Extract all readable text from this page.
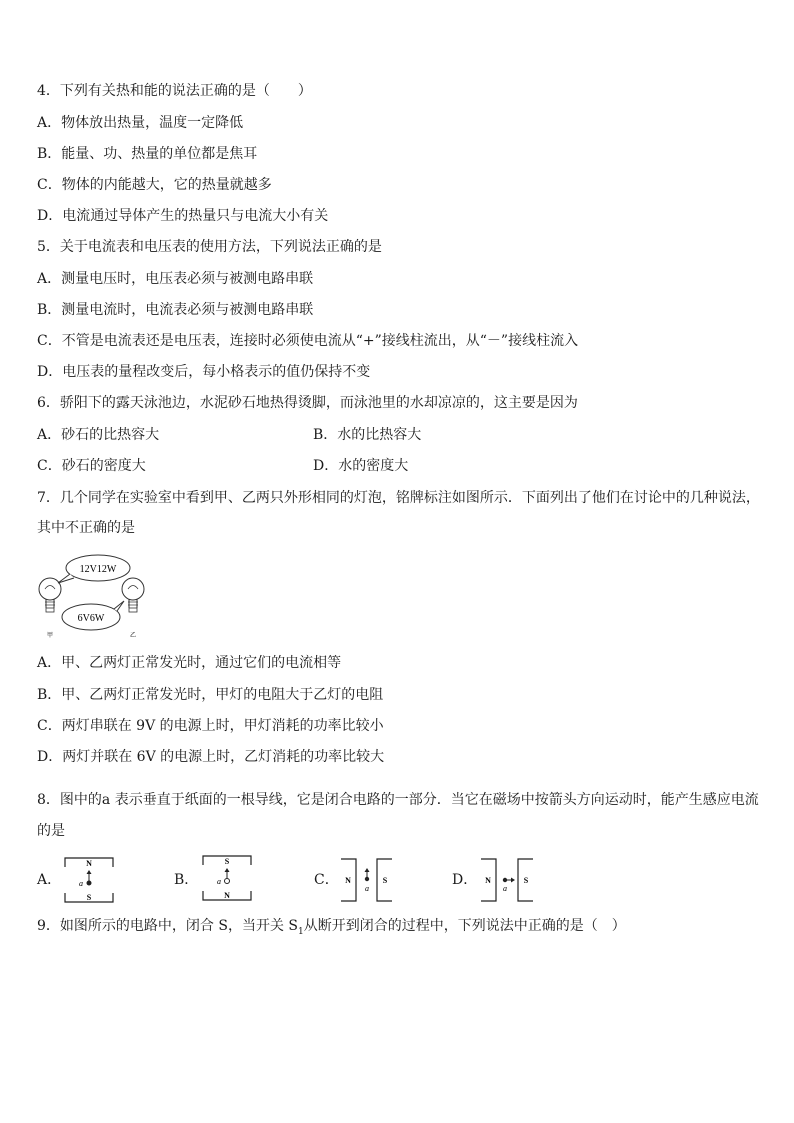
4．下列有关热和能的说法正确的是（　　）
A．物体放出热量，温度一定降低
B．能量、功、热量的单位都是焦耳
C．物体的内能越大，它的热量就越多
D．电流通过导体产生的热量只与电流大小有关
5．关于电流表和电压表的使用方法，下列说法正确的是
A．测量电压时，电压表必须与被测电路串联
B．测量电流时，电流表必须与被测电路串联
C．不管是电流表还是电压表，连接时必须使电流从“+”接线柱流出，从“－”接线柱流入
D．电压表的量程改变后，每小格表示的值仍保持不变
6．骄阳下的露天泳池边，水泥砂石地热得烫脚，而泳池里的水却凉凉的，这主要是因为
A．砂石的比热容大	B．水的比热容大
C．砂石的密度大	D．水的密度大
7．几个同学在实验室中看到甲、乙两只外形相同的灯泡，铭牌标注如图所示．下面列出了他们在讨论中的几种说法，
其中不正确的是
12V12W
6V6W
甲	乙
A．甲、乙两灯正常发光时，通过它们的电流相等
B．甲、乙两灯正常发光时，甲灯的电阻大于乙灯的电阻
C．两灯串联在 9V 的电源上时，甲灯消耗的功率比较小
D．两灯并联在 6V 的电源上时，乙灯消耗的功率比较大
8．图中的a 表示垂直于纸面的一根导线，它是闭合电路的一部分．当它在磁场中按箭头方向运动时，能产生感应电流
的是
A．
N
S
a	B．
S
N
a	C． N	S
a
D． N	S
a
9．如图所示的电路中，闭合 S，当开关 $S_1$从断开到闭合的过程中，下列说法中正确的是（　）
